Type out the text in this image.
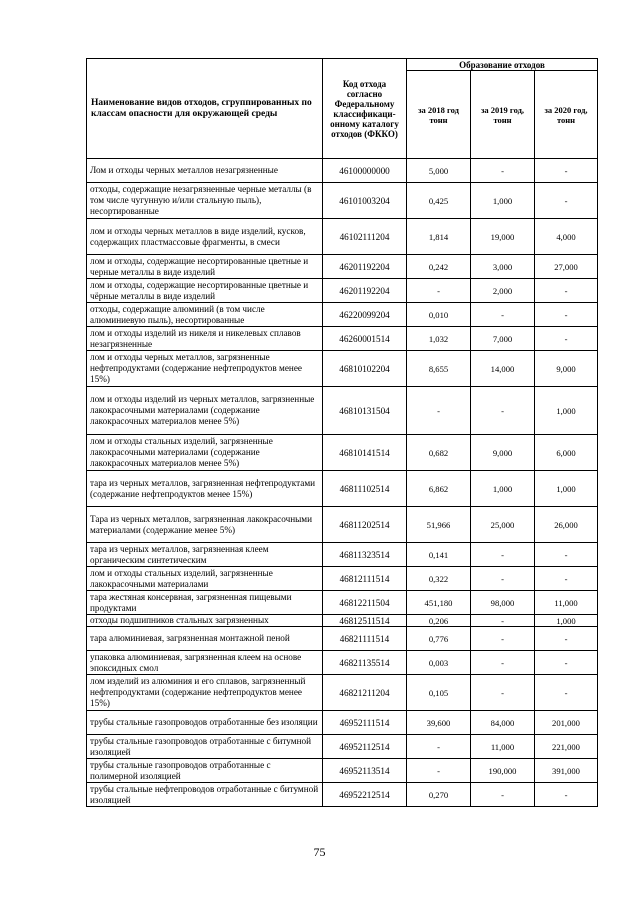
Наименование видов отходов, сгруппированных по классам опасности для окружающей среды	Код отхода согласно Федеральному классификаци-онному каталогу отходов (ФККО)	Образование отходов		
		за 2018 год тонн	за 2019 год, тонн	за 2020 год, тонн
Лом и отходы черных металлов незагрязненные	46100000000	5,000	-	-
отходы, содержащие незагрязненные черные металлы (в том числе чугунную и/или стальную пыль), несортированные	46101003204	0,425	1,000	-
лом и отходы черных металлов в виде изделий, кусков, содержащих пластмассовые фрагменты, в смеси	46102111204	1,814	19,000	4,000
лом и отходы, содержащие несортированные цветные и черные металлы в виде изделий	46201192204	0,242	3,000	27,000
лом и отходы, содержащие несортированные цветные и чёрные металлы в виде изделий	46201192204	-	2,000	-
отходы, содержащие алюминий (в том числе алюминиевую пыль), несортированные	46220099204	0,010	-	-
лом и отходы изделий из никеля и никелевых сплавов незагрязненные	46260001514	1,032	7,000	-
лом и отходы черных металлов, загрязненные нефтепродуктами (содержание нефтепродуктов менее 15%)	46810102204	8,655	14,000	9,000
лом и отходы изделий из черных металлов, загрязненные лакокрасочными материалами (содержание лакокрасочных материалов менее 5%)	46810131504	-	-	1,000
лом и отходы стальных изделий, загрязненные лакокрасочными материалами (содержание лакокрасочных материалов менее 5%)	46810141514	0,682	9,000	6,000
тара из черных металлов, загрязненная нефтепродуктами (содержание нефтепродуктов менее 15%)	46811102514	6,862	1,000	1,000
Тара из черных металлов, загрязненная лакокрасочными материалами (содержание менее 5%)	46811202514	51,966	25,000	26,000
тара из черных металлов, загрязненная клеем органическим синтетическим	46811323514	0,141	-	-
лом и отходы стальных изделий, загрязненные лакокрасочными материалами	46812111514	0,322	-	-
тара жестяная консервная, загрязненная пищевыми продуктами	46812211504	451,180	98,000	11,000
отходы подшипников стальных загрязненных	46812511514	0,206	-	1,000
тара алюминиевая, загрязненная монтажной пеной	46821111514	0,776	-	-
упаковка алюминиевая, загрязненная клеем на основе эпоксидных смол	46821135514	0,003	-	-
лом изделий из алюминия и его сплавов, загрязненный нефтепродуктами (содержание нефтепродуктов менее 15%)	46821211204	0,105	-	-
трубы стальные газопроводов отработанные без изоляции	46952111514	39,600	84,000	201,000
трубы стальные газопроводов отработанные с битумной изоляцией	46952112514	-	11,000	221,000
трубы стальные газопроводов отработанные с полимерной изоляцией	46952113514	-	190,000	391,000
трубы стальные нефтепроводов отработанные с битумной изоляцией	46952212514	0,270	-	-
75
